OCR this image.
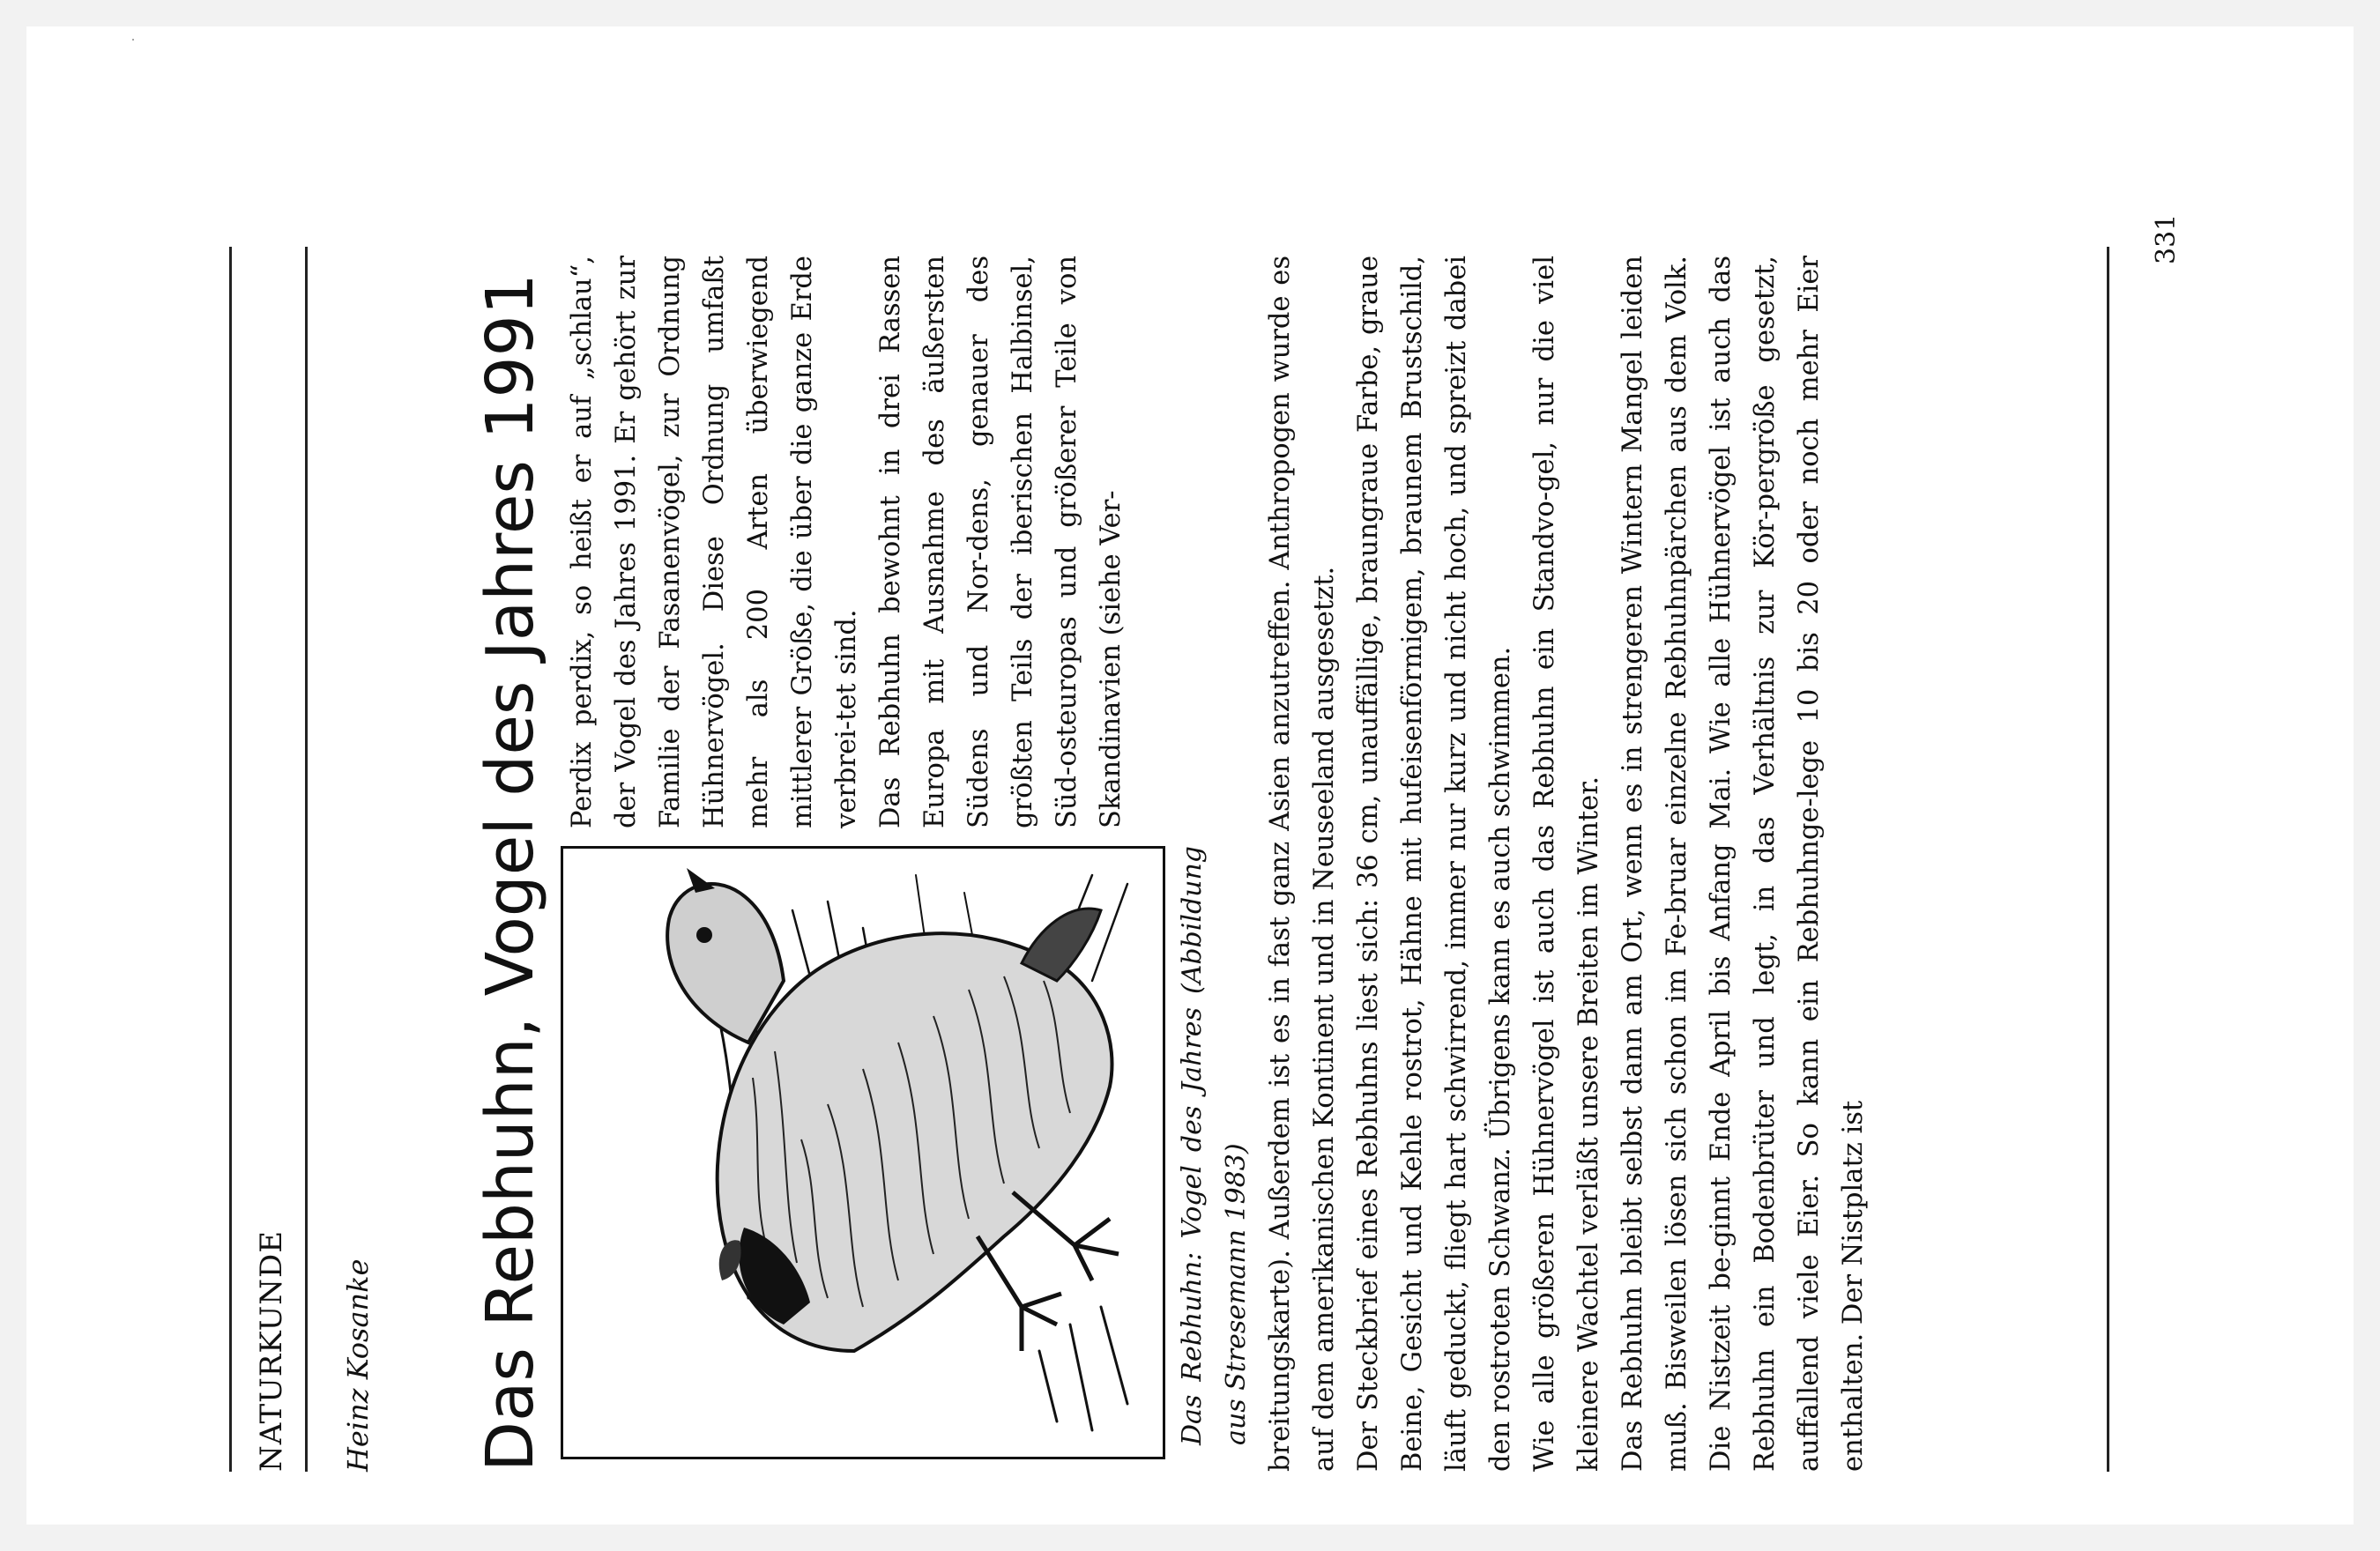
NATURKUNDE Heinz Kosanke Das Rebhuhn, Vogel des Jahres 1991	Das Rebhuhn: Vogel des Jahres (Abbildung aus Stresemann 1983)

Perdix perdix, so heißt er auf „schlau“, der Vogel des Jahres 1991. Er gehört zur Familie der Fasanenvögel, zur Ordnung Hühnervögel. Diese Ordnung umfaßt mehr als 200 Arten überwiegend mittlerer Größe, die über die ganze Erde verbrei-tet sind. Das Rebhuhn bewohnt in drei Rassen Europa mit Ausnahme des äußersten Südens und Nor-dens, genauer des größten Teils der iberischen Halbinsel, Süd-osteuropas und größerer Teile von Skandinavien (siehe Ver-	breitungskarte). Außerdem ist es in fast ganz Asien anzutreffen. Anthropogen wurde es auf dem amerikanischen Kontinent und in Neuseeland ausgesetzt. Der Steckbrief eines Rebhuhns liest sich: 36 cm, unauffällige, braungraue Farbe, graue Beine, Gesicht und Kehle rostrot, Hähne mit hufeisenförmigem, braunem Brustschild, läuft geduckt, fliegt hart schwirrend, immer nur kurz und nicht hoch, und spreizt dabei den rostroten Schwanz. Übrigens kann es auch schwimmen. Wie alle größeren Hühnervögel ist auch das Rebhuhn ein Standvo-gel, nur die viel kleinere Wachtel verläßt unsere Breiten im Winter. Das Rebhuhn bleibt selbst dann am Ort, wenn es in strengeren Wintern Mangel leiden muß. Bisweilen lösen sich schon im Fe-bruar einzelne Rebhuhnpärchen aus dem Volk. Die Nistzeit be-ginnt Ende April bis Anfang Mai. Wie alle Hühnervögel ist auch das Rebhuhn ein Bodenbrüter und legt, in das Verhältnis zur Kör-pergröße gesetzt, auffallend viele Eier. So kann ein Rebhuhnge-lege 10 bis 20 oder noch mehr Eier enthalten. Der Nistplatz ist

331
